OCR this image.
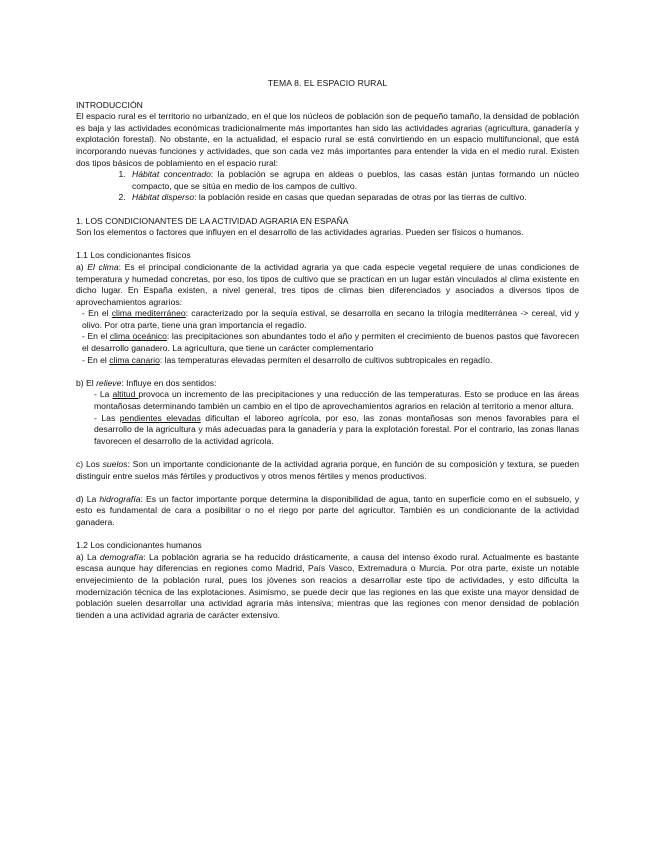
TEMA 8. EL ESPACIO RURAL
INTRODUCCIÓN

El espacio rural es el territorio no urbanizado, en el que los núcleos de población son de pequeño tamaño, la densidad de población es baja y las actividades económicas tradicionalmente más importantes han sido las actividades agrarias (agricultura, ganadería y explotación forestal). No obstante, en la actualidad, el espacio rural se está convirtiendo en un espacio multifuncional, que está incorporando nuevas funciones y actividades, que son cada vez más importantes para entender la vida en el medio rural. Existen dos tipos básicos de poblamiento en el espacio rural:

1. Hábitat concentrado: la población se agrupa en aldeas o pueblos, las casas están juntas formando un núcleo compacto, que se sitúa en medio de los campos de cultivo.
2. Hábitat disperso: la población reside en casas que quedan separadas de otras por las tierras de cultivo.
1. LOS CONDICIONANTES DE LA ACTIVIDAD AGRARIA EN ESPAÑA

Son los elementos o factores que influyen en el desarrollo de las actividades agrarias. Pueden ser físicos o humanos.

1.1 Los condicionantes físicos

a) El clima: Es el principal condicionante de la actividad agraria ya que cada especie vegetal requiere de unas condiciones de temperatura y humedad concretas, por eso, los tipos de cultivo que se practican en un lugar están vinculados al clima existente en dicho lugar. En España existen, a nivel general, tres tipos de climas bien diferenciados y asociados a diversos tipos de aprovechamientos agrarios:

- En el clima mediterráneo: caracterizado por la sequía estival, se desarrolla en secano la trilogía mediterránea -> cereal, vid y olivo. Por otra parte, tiene una gran importancia el regadío.

- En el clima oceánico: las precipitaciones son abundantes todo el año y permiten el crecimiento de buenos pastos que favorecen el desarrollo ganadero. La agricultura, que tiene un carácter complementario

- En el clima canario: las temperaturas elevadas permiten el desarrollo de cultivos subtropicales en regadío.

b) El relieve: Influye en dos sentidos:

- La altitud provoca un incremento de las precipitaciones y una reducción de las temperaturas. Esto se produce en las áreas montañosas determinando también un cambio en el tipo de aprovechamientos agrarios en relación al territorio a menor altura.

- Las pendientes elevadas dificultan el laboreo agrícola, por eso, las zonas montañosas son menos favorables para el desarrollo de la agricultura y más adecuadas para la ganadería y para la explotación forestal. Por el contrario, las zonas llanas favorecen el desarrollo de la actividad agrícola.

c) Los suelos: Son un importante condicionante de la actividad agraria porque, en función de su composición y textura, se pueden distinguir entre suelos más fértiles y productivos y otros menos fértiles y menos productivos.

d) La hidrografía: Es un factor importante porque determina la disponibilidad de agua, tanto en superficie como en el subsuelo, y esto es fundamental de cara a posibilitar o no el riego por parte del agricultor. También es un condicionante de la actividad ganadera.

1.2 Los condicionantes humanos

a) La demografía: La población agraria se ha reducido drásticamente, a causa del intenso éxodo rural. Actualmente es bastante escasa aunque hay diferencias en regiones como Madrid, País Vasco, Extremadura o Murcia. Por otra parte, existe un notable envejecimiento de la población rural, pues los jóvenes son reacios a desarrollar este tipo de actividades, y esto dificulta la modernización técnica de las explotaciones. Asimismo, se puede decir que las regiones en las que existe una mayor densidad de población suelen desarrollar una actividad agraria más intensiva; mientras que las regiones con menor densidad de población tienden a una actividad agraria de carácter extensivo.
